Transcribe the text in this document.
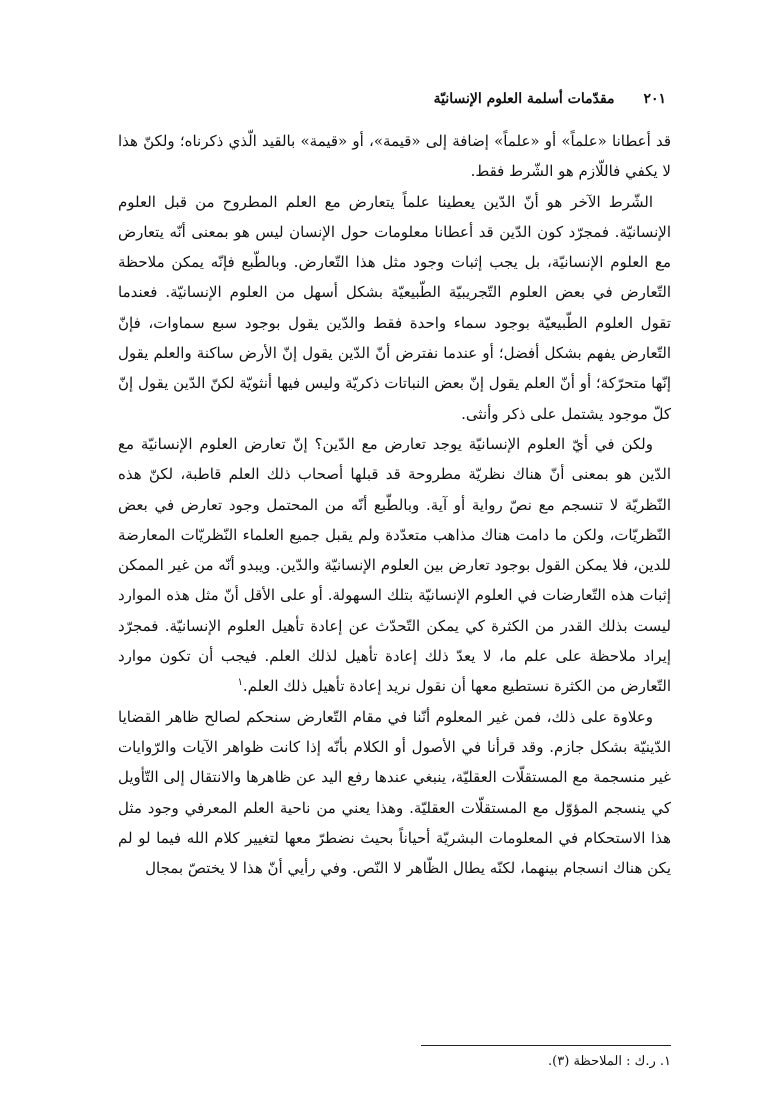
٢٠١ مقدّمات أسلمة العلوم الإنسانيّة

قد أعطانا «علماً» أو «علماً» إضافة إلى «قيمة»، أو «قيمة» بالقيد الّذي ذكرناه؛ ولكنّ هذا لا يكفي فاللّازم هو الشّرط فقط.

الشّرط الآخر هو أنّ الدّين يعطينا علماً يتعارض مع العلم المطروح من قبل العلوم الإنسانيّة. فمجرّد كون الدّين قد أعطانا معلومات حول الإنسان ليس هو بمعنى أنّه يتعارض مع العلوم الإنسانيّة، بل يجب إثبات وجود مثل هذا التّعارض. وبالطّبع فإنّه يمكن ملاحظة التّعارض في بعض العلوم التّجريبيّة الطّبيعيّة بشكل أسهل من العلوم الإنسانيّة. فعندما تقول العلوم الطّبيعيّة بوجود سماء واحدة فقط والدّين يقول بوجود سبع سماوات، فإنّ التّعارض يفهم بشكل أفضل؛ أو عندما نفترض أنّ الدّين يقول إنّ الأرض ساكنة والعلم يقول إنّها متحرّكة؛ أو أنّ العلم يقول إنّ بعض النباتات ذكريّة وليس فيها أنثويّة لكنّ الدّين يقول إنّ كلّ موجود يشتمل على ذكر وأنثى.

ولكن في أيّ العلوم الإنسانيّة يوجد تعارض مع الدّين؟ إنّ تعارض العلوم الإنسانيّة مع الدّين هو بمعنى أنّ هناك نظريّة مطروحة قد قبلها أصحاب ذلك العلم قاطبة، لكنّ هذه النّظريّة لا تنسجم مع نصّ رواية أو آية. وبالطّبع أنّه من المحتمل وجود تعارض في بعض النّظريّات، ولكن ما دامت هناك مذاهب متعدّدة ولم يقبل جميع العلماء النّظريّات المعارضة للدين، فلا يمكن القول بوجود تعارض بين العلوم الإنسانيّة والدّين. ويبدو أنّه من غير الممكن إثبات هذه التّعارضات في العلوم الإنسانيّة بتلك السهولة. أو على الأقل أنّ مثل هذه الموارد ليست بذلك القدر من الكثرة كي يمكن التّحدّث عن إعادة تأهيل العلوم الإنسانيّة. فمجرّد إيراد ملاحظة على علم ما، لا يعدّ ذلك إعادة تأهيل لذلك العلم. فيجب أن تكون موارد التّعارض من الكثرة نستطيع معها أن نقول نريد إعادة تأهيل ذلك العلم.$^١$

وعلاوة على ذلك، فمن غير المعلوم أنّنا في مقام التّعارض سنحكم لصالح ظاهر القضايا الدّينيّة بشكل جازم. وقد قرأنا في الأصول أو الكلام بأنّه إذا كانت ظواهر الآيات والرّوايات غير منسجمة مع المستقلّات العقليّة، ينبغي عندها رفع اليد عن ظاهرها والانتقال إلى التّأويل كي ينسجم المؤوّل مع المستقلّات العقليّة. وهذا يعني من ناحية العلم المعرفي وجود مثل هذا الاستحكام في المعلومات البشريّة أحياناً بحيث نضطرّ معها لتغيير كلام الله فيما لو لم يكن هناك انسجام بينهما، لكنّه يطال الظّاهر لا النّص. وفي رأيي أنّ هذا لا يختصّ بمجال

١. ر.ك : الملاحظة (٣).
